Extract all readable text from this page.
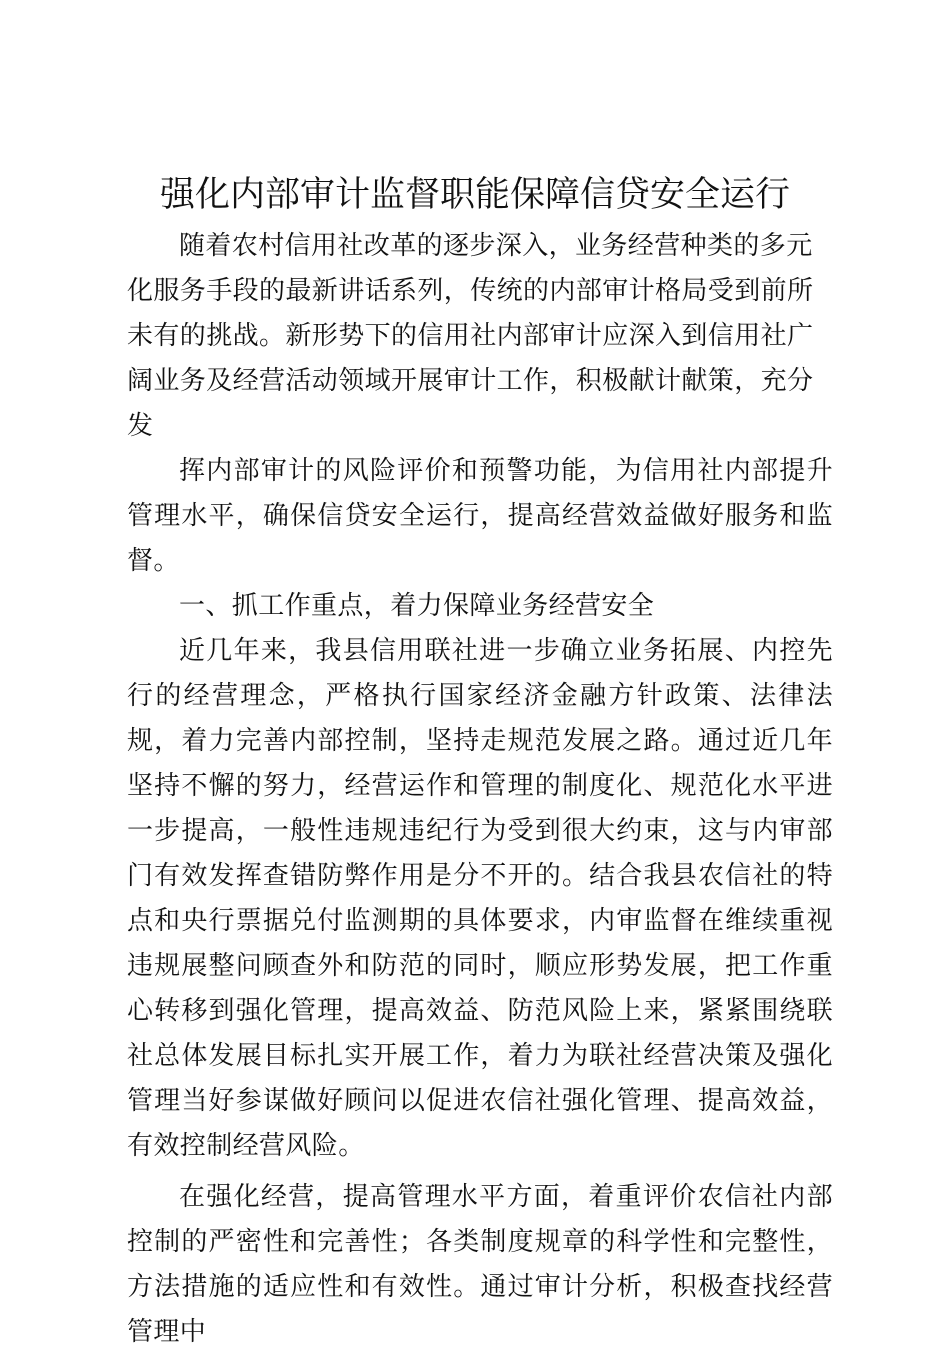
强化内部审计监督职能保障信贷安全运行

随着农村信用社改革的逐步深入，业务经营种类的多元化服务手段的最新讲话系列，传统的内部审计格局受到前所未有的挑战。新形势下的信用社内部审计应深入到信用社广阔业务及经营活动领域开展审计工作，积极献计献策，充分发

挥内部审计的风险评价和预警功能，为信用社内部提升管理水平，确保信贷安全运行，提高经营效益做好服务和监督。

一、抓工作重点，着力保障业务经营安全

近几年来，我县信用联社进一步确立业务拓展、内控先行的经营理念，严格执行国家经济金融方针政策、法律法规，着力完善内部控制，坚持走规范发展之路。通过近几年坚持不懈的努力，经营运作和管理的制度化、规范化水平进一步提高，一般性违规违纪行为受到很大约束，这与内审部门有效发挥查错防弊作用是分不开的。结合我县农信社的特点和央行票据兑付监测期的具体要求，内审监督在维续重视违规展整问顾查外和防范的同时，顺应形势发展，把工作重心转移到强化管理，提高效益、防范风险上来，紧紧围绕联社总体发展目标扎实开展工作，着力为联社经营决策及强化管理当好参谋做好顾问以促进农信社强化管理、提高效益，有效控制经营风险。

在强化经营，提高管理水平方面，着重评价农信社内部控制的严密性和完善性；各类制度规章的科学性和完整性，方法措施的适应性和有效性。通过审计分析，积极查找经营管理中
